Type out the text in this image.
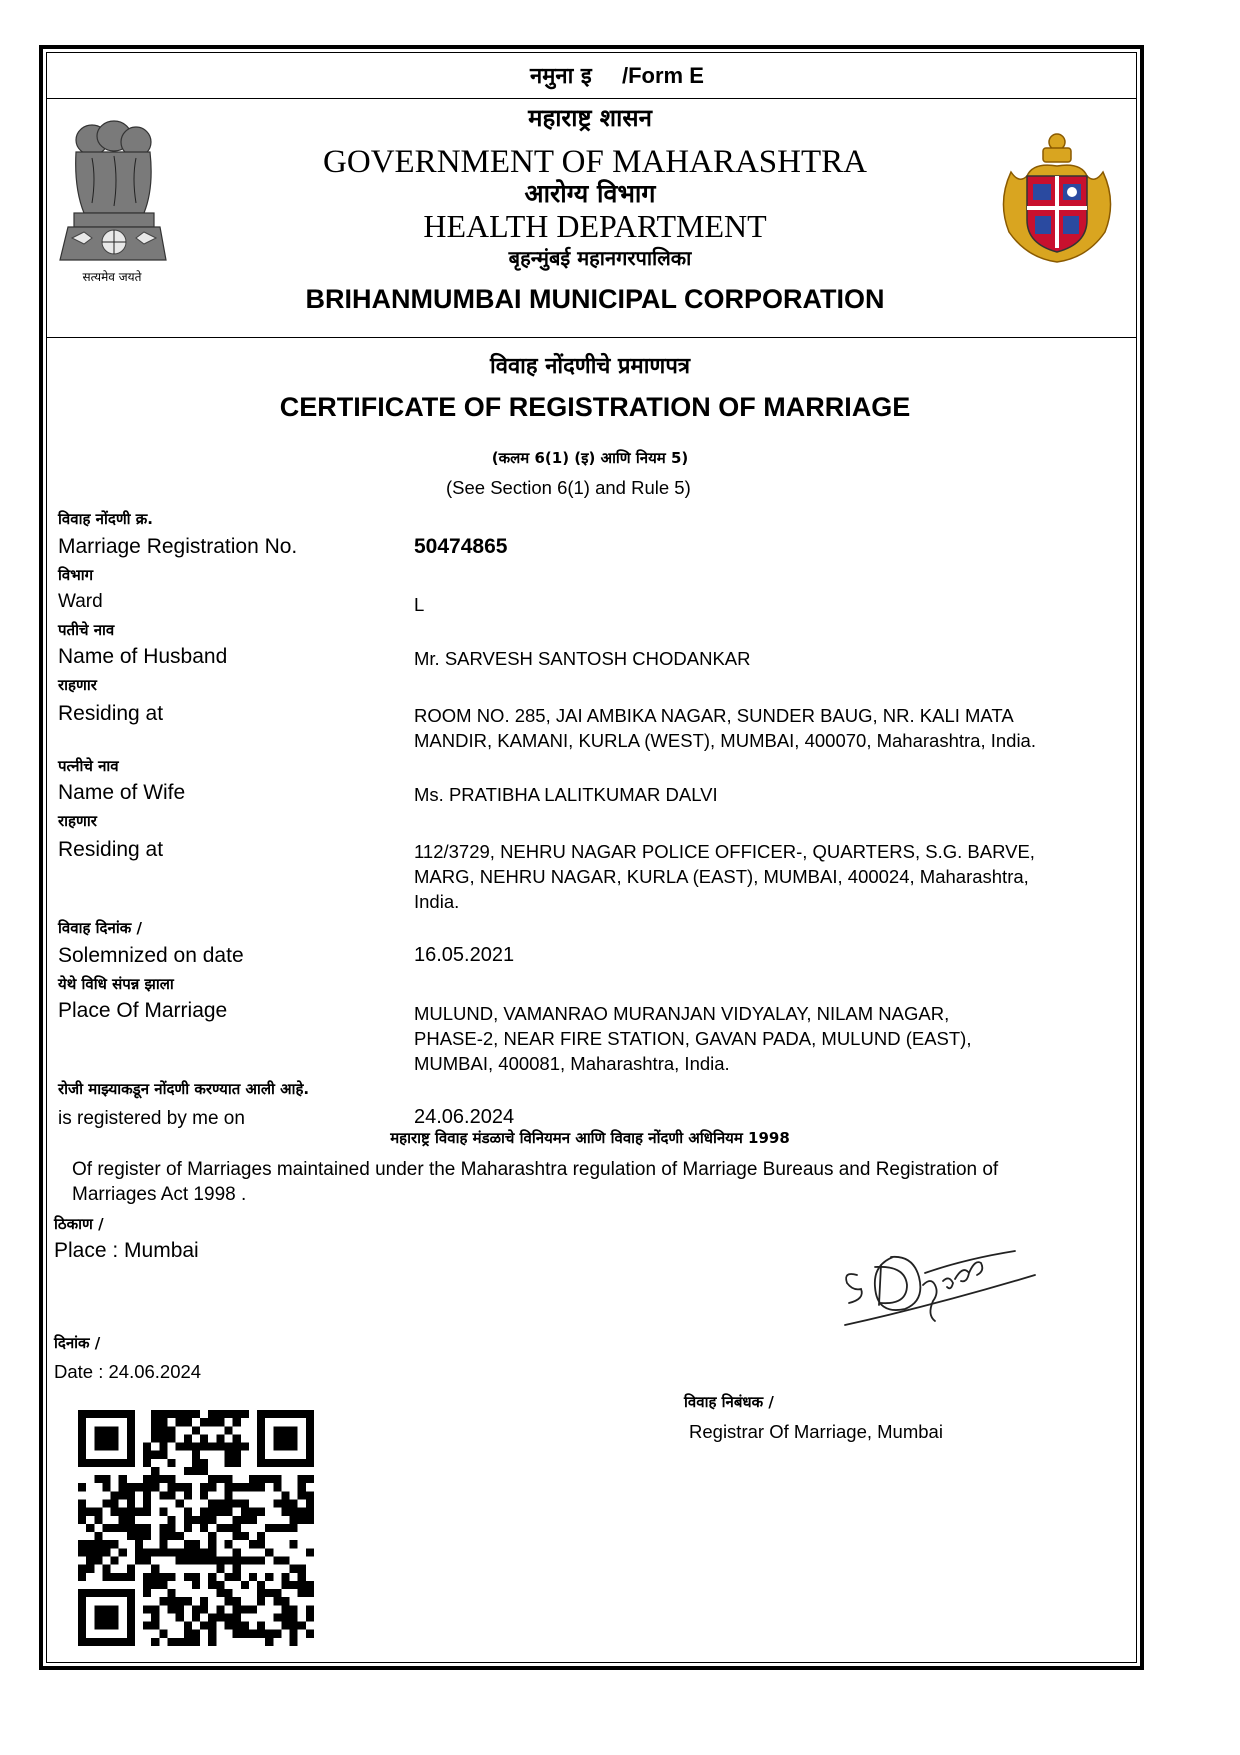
नमुना इ /Form E
महाराष्ट्र शासन
GOVERNMENT OF MAHARASHTRA
आरोग्य विभाग
HEALTH DEPARTMENT
बृहन्मुंबई महानगरपालिका
BRIHANMUMBAI MUNICIPAL CORPORATION
सत्यमेव जयते
विवाह नोंदणीचे प्रमाणपत्र
CERTIFICATE OF REGISTRATION OF MARRIAGE
(कलम 6(1) (इ) आणि नियम 5)
(See Section 6(1) and Rule 5)
विवाह नोंदणी क्र.
Marriage Registration No.	50474865
विभाग
Ward	L
पतीचे नाव
Name of Husband	Mr. SARVESH SANTOSH CHODANKAR
राहणार
Residing at	ROOM NO. 285, JAI AMBIKA NAGAR, SUNDER BAUG, NR. KALI MATA
MANDIR, KAMANI, KURLA (WEST), MUMBAI, 400070, Maharashtra, India.
पत्नीचे नाव
Name of Wife	Ms. PRATIBHA LALITKUMAR DALVI
राहणार
Residing at	112/3729, NEHRU NAGAR POLICE OFFICER-, QUARTERS, S.G. BARVE,
MARG, NEHRU NAGAR, KURLA (EAST), MUMBAI, 400024, Maharashtra,
India.
विवाह दिनांक /
Solemnized on date	16.05.2021
येथे विधि संपन्न झाला
Place Of Marriage	MULUND, VAMANRAO MURANJAN VIDYALAY, NILAM NAGAR,
PHASE-2, NEAR FIRE STATION, GAVAN PADA, MULUND (EAST),
MUMBAI, 400081, Maharashtra, India.
रोजी माझ्याकडून नोंदणी करण्यात आली आहे.
is registered by me on	24.06.2024
महाराष्ट्र विवाह मंडळाचे विनियमन आणि विवाह नोंदणी अधिनियम 1998
Of register of Marriages maintained under the Maharashtra regulation of Marriage Bureaus and Registration of
Marriages Act 1998 .
ठिकाण /
Place : Mumbai
दिनांक /
Date : 24.06.2024
विवाह निबंधक /
Registrar Of Marriage, Mumbai
